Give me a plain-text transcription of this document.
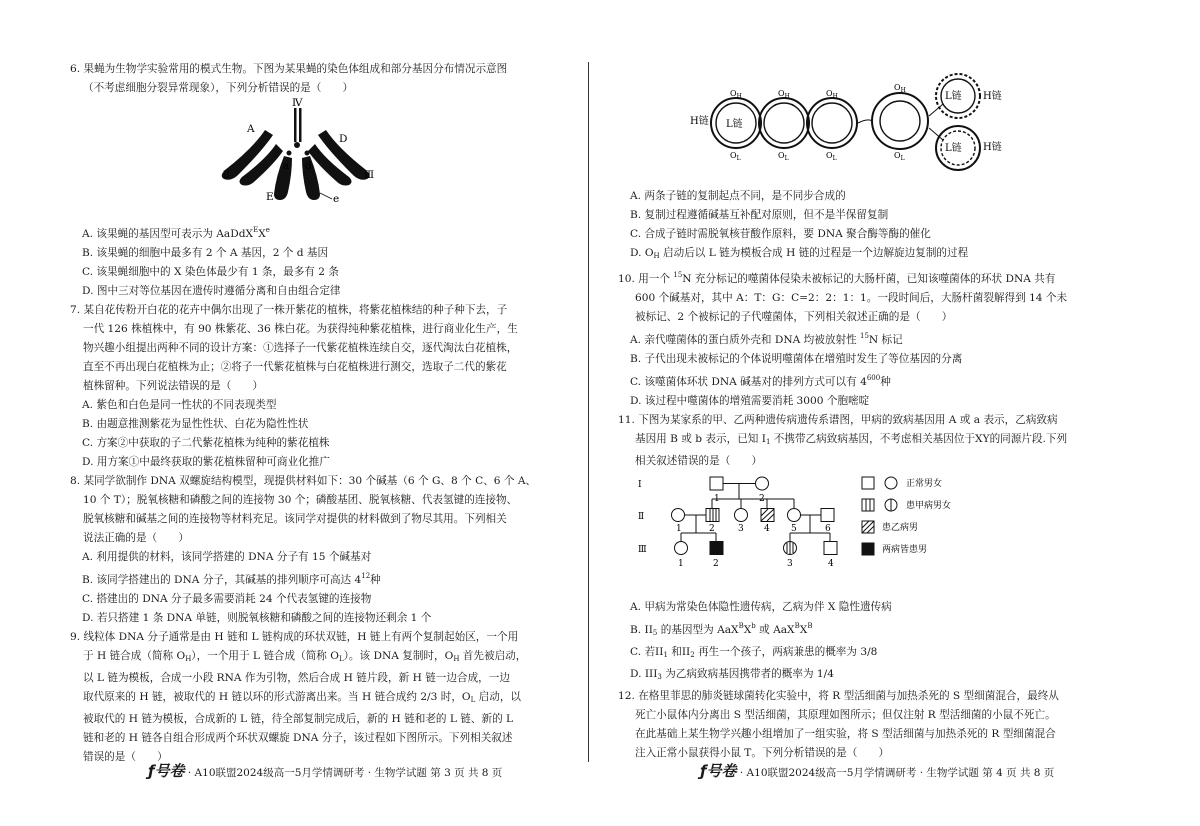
6. 果蝇为生物学实验常用的模式生物。下图为某果蝇的染色体组成和部分基因分布情况示意图
（不考虑细胞分裂异常现象），下列分析错误的是（　　）
Ⅳ
A
D
Ⅱ	Ⅲ
a d
E	e
A. 该果蝇的基因型可表示为 AaDdX$^E$Xe
B. 该果蝇的细胞中最多有 2 个 A 基因，2 个 d 基因
C. 该果蝇细胞中的 X 染色体最少有 1 条，最多有 2 条
D. 图中三对等位基因在遗传时遵循分离和自由组合定律
7. 某自花传粉开白花的花卉中偶尔出现了一株开紫花的植株，将紫花植株结的种子种下去，子
一代 126 株植株中，有 90 株紫花、36 株白花。为获得纯种紫花植株，进行商业化生产，生
物兴趣小组提出两种不同的设计方案：①选择子一代紫花植株连续自交，逐代淘汰白花植株，
直至不再出现白花植株为止；②将子一代紫花植株与白花植株进行测交，选取子二代的紫花
植株留种。下列说法错误的是（　　）
A. 紫色和白色是同一性状的不同表现类型
B. 由题意推测紫花为显性性状、白花为隐性性状
C. 方案②中获取的子二代紫花植株为纯种的紫花植株
D. 用方案①中最终获取的紫花植株留种可商业化推广
8. 某同学欲制作 DNA 双螺旋结构模型，现提供材料如下：30 个碱基（6 个 G、8 个 C、6 个 A、
10 个 T）；脱氧核糖和磷酸之间的连接物 30 个；磷酸基团、脱氧核糖、代表氢键的连接物、
脱氧核糖和碱基之间的连接物等材料充足。该同学对提供的材料做到了物尽其用。下列相关
说法正确的是（　　）
A. 利用提供的材料，该同学搭建的 DNA 分子有 15 个碱基对
B. 该同学搭建出的 DNA 分子，其碱基的排列顺序可高达 $4^{12}$种
C. 搭建出的 DNA 分子最多需要消耗 24 个代表氢键的连接物
D. 若只搭建 1 条 DNA 单链，则脱氧核糖和磷酸之间的连接物还剩余 1 个
9. 线粒体 DNA 分子通常是由 H 链和 L 链构成的环状双链，H 链上有两个复制起始区，一个用
于 H 链合成（简称 $O_H$），一个用于 L 链合成（简称 $O_L$）。该 DNA 复制时，$O_H$ 首先被启动，
以 L 链为模板，合成一小段 RNA 作为引物，然后合成 H 链片段，新 H 链一边合成，一边
取代原来的 H 链，被取代的 H 链以环的形式游离出来。当 H 链合成约 2/3 时，$O_L$ 启动，以
被取代的 H 链为模板，合成新的 L 链，待全部复制完成后，新的 H 链和老的 L 链、新的 L
链和老的 H 链各自组合形成两个环状双螺旋 DNA 分子，该过程如下图所示。下列相关叙述
错误的是（　　）
ƒ号卷 · A10联盟2024级高一5月学情调研考 · 生物学试题 第 3 页 共 8 页
H链 L链
H链
H链
L链
L链
$O_H$
$O_L$	$O_L$	$O_L$	$O_L$
$O_H$	$O_H$
$O_H$
A. 两条子链的复制起点不同，是不同步合成的
B. 复制过程遵循碱基互补配对原则，但不是半保留复制
C. 合成子链时需脱氧核苷酸作原料，要 DNA 聚合酶等酶的催化
D. $O_H$ 启动后以 L 链为模板合成 H 链的过程是一个边解旋边复制的过程
10. 用一个 $^{15}$N 充分标记的噬菌体侵染未被标记的大肠杆菌，已知该噬菌体的环状 DNA 共有
600 个碱基对，其中 A：T：G：C=2：2：1：1。一段时间后，大肠杆菌裂解得到 14 个未
被标记、2 个被标记的子代噬菌体，下列相关叙述正确的是（　　）
A. 亲代噬菌体的蛋白质外壳和 DNA 均被放射性 $^{15}$N 标记
B. 子代出现未被标记的个体说明噬菌体在增殖时发生了等位基因的分离
C. 该噬菌体环状 DNA 碱基对的排列方式可以有 $4^{600}$种
D. 该过程中噬菌体的增殖需要消耗 3000 个胞嘧啶
11. 下图为某家系的甲、乙两种遗传病遗传系谱图，甲病的致病基因用 A 或 a 表示，乙病致病
基因用 B 或 b 表示，已知 $I_1$ 不携带乙病致病基因，不考虑相关基因位于XY的同源片段.下列
相关叙述错误的是（　　）
Ⅰ
Ⅱ
Ⅲ
1	2
1	2	3 4 5	6
1	2	3	4
正常男女
患甲病男女
患乙病男
两病皆患男
A. 甲病为常染色体隐性遗传病，乙病为伴 X 隐性遗传病
B. $II_5$ 的基因型为 $AaX^BX^b$ 或 $AaX^BX^B$
C. 若$II_1$ 和$II_2$ 再生一个孩子，两病兼患的概率为 3/8
D. $III_3$ 为乙病致病基因携带者的概率为 1/4
12. 在格里菲思的肺炎链球菌转化实验中，将 R 型活细菌与加热杀死的 S 型细菌混合，最终从
死亡小鼠体内分离出 S 型活细菌，其原理如图所示；但仅注射 R 型活细菌的小鼠不死亡。
在此基础上某生物学兴趣小组增加了一组实验，将 S 型活细菌与加热杀死的 R 型细菌混合
注入正常小鼠获得小鼠 T。下列分析错误的是（　　）
ƒ号卷 · A10联盟2024级高一5月学情调研考 · 生物学试题 第 4 页 共 8 页
